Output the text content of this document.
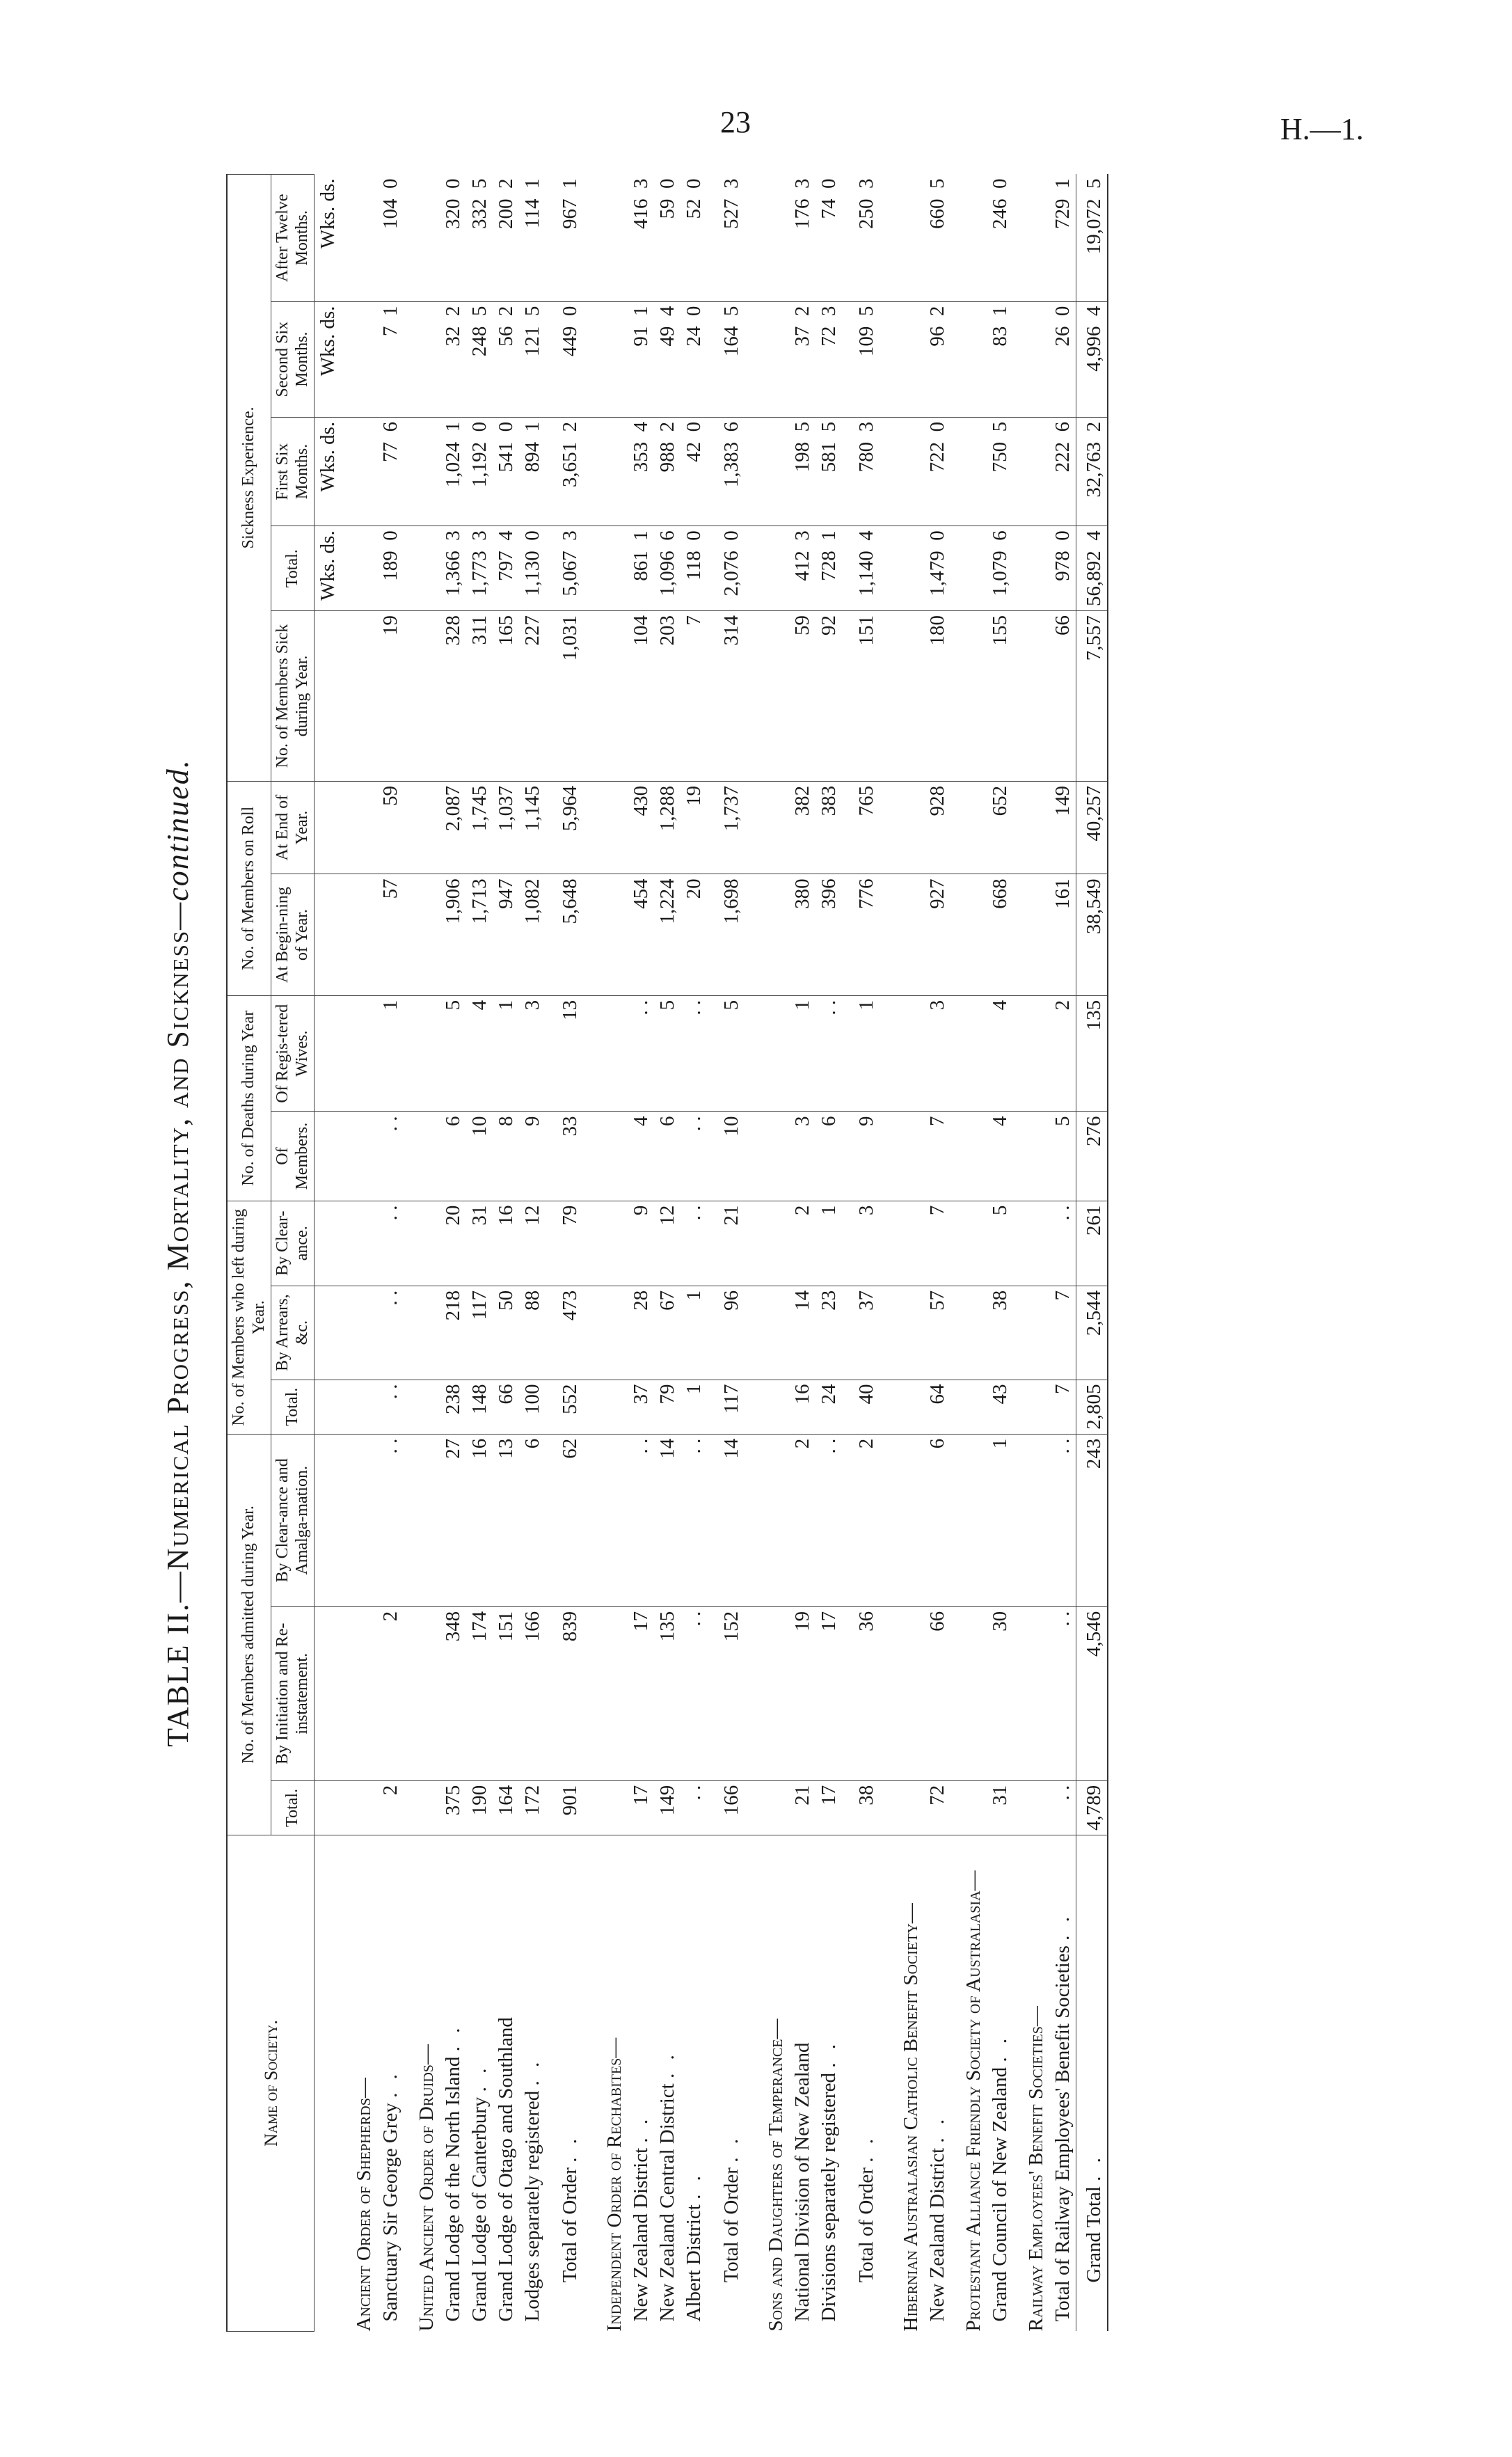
23	H.—1.
TABLE II.—Numerical Progress, Mortality, and Sickness—continued.
Name of Society.	No. of Members admitted during Year.			No. of Members who left during Year.			No. of Deaths during Year		No. of Members on Roll		Sickness Experience.				
	Total.	By Initiation and Re-instatement.	By Clear-ance and Amalga-mation.	Total.	By Arrears, &c.	By Clear-ance.	Of Members.	Of Regis-tered Wives.	At Begin-ning of Year.	At End of Year.	No. of Members Sick during Year.	Total.	First Six Months.	Second Six Months.	After Twelve Months.
												Wks. ds.	Wks. ds.	Wks. ds.	Wks. ds.
Ancient Order of Shepherds—															
Sanctuary Sir George Grey . .	2	2	. .	. .	. .	. .	. .	1	57	59	19	189  0	77  6	7  1	104  0
United Ancient Order of Druids—															
Grand Lodge of the North Island . .	375	348	27	238	218	20	6	5	1,906	2,087	328	1,366  3	1,024  1	32  2	320  0
Grand Lodge of Canterbury . .	190	174	16	148	117	31	10	4	1,713	1,745	311	1,773  3	1,192  0	248  5	332  5
Grand Lodge of Otago and Southland	164	151	13	66	50	16	8	1	947	1,037	165	797  4	541  0	56  2	200  2
Lodges separately registered . .	172	166	6	100	88	12	9	3	1,082	1,145	227	1,130  0	894  1	121  5	114  1
Total of Order . .	901	839	62	552	473	79	33	13	5,648	5,964	1,031	5,067  3	3,651  2	449  0	967  1
Independent Order of Rechabites—															
New Zealand District . .	17	17	. .	37	28	9	4	. .	454	430	104	861  1	353  4	91  1	416  3
New Zealand Central District . .	149	135	14	79	67	12	6	5	1,224	1,288	203	1,096  6	988  2	49  4	59  0
Albert District . .	. .	. .	. .	1	1	. .	. .	. .	20	19	7	118  0	42  0	24  0	52  0
Total of Order . .	166	152	14	117	96	21	10	5	1,698	1,737	314	2,076  0	1,383  6	164  5	527  3
Sons and Daughters of Temperance—															
National Division of New Zealand	21	19	2	16	14	2	3	1	380	382	59	412  3	198  5	37  2	176  3
Divisions separately registered . .	17	17	. .	24	23	1	6	. .	396	383	92	728  1	581  5	72  3	74  0
Total of Order . .	38	36	2	40	37	3	9	1	776	765	151	1,140  4	780  3	109  5	250  3
Hibernian Australasian Catholic Benefit Society—															
New Zealand District . .	72	66	6	64	57	7	7	3	927	928	180	1,479  0	722  0	96  2	660  5
Protestant Alliance Friendly Society of Australasia—															
Grand Council of New Zealand . .	31	30	1	43	38	5	4	4	668	652	155	1,079  6	750  5	83  1	246  0
Railway Employees' Benefit Societies—															
Total of Railway Employees' Benefit Societies . .	. .	. .	. .	7	7	. .	5	2	161	149	66	978  0	222  6	26  0	729  1
Grand Total . .	4,789	4,546	243	2,805	2,544	261	276	135	38,549	40,257	7,557	56,892  4	32,763  2	4,996  4	19,072  5
